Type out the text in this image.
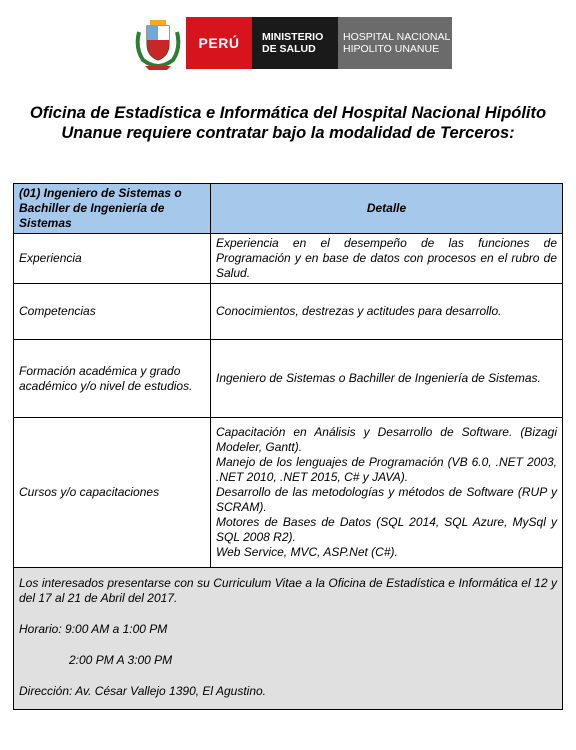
PERÚ MINISTERIO
DE SALUD
HOSPITAL NACIONAL
HIPOLITO UNANUE
Oficina de Estadística e Informática del Hospital Nacional Hipólito Unanue requiere contratar bajo la modalidad de Terceros:
(01) Ingeniero de Sistemas o Bachiller de Ingeniería de Sistemas	Detalle
Experiencia	Experiencia en el desempeño de las funciones de Programación y en base de datos con procesos en el rubro de Salud.

Competencias	Conocimientos, destrezas y actitudes para desarrollo.

Formación académica y grado académico y/o nivel de estudios.	Ingeniero de Sistemas o Bachiller de Ingeniería de Sistemas.

Cursos y/o capacitaciones	Capacitación en Análisis y Desarrollo de Software. (Bizagi Modeler, Gantt).
Manejo de los lenguajes de Programación (VB 6.0, .NET 2003, .NET 2010, .NET 2015, C# y JAVA).
Desarrollo de las metodologías y métodos de Software (RUP y SCRAM).
Motores de Bases de Datos (SQL 2014, SQL Azure, MySql y SQL 2008 R2).
Web Service, MVC, ASP.Net (C#).

Los interesados presentarse con su Curriculum Vitae a la Oficina de Estadística e Informática el 12 y del 17 al 21 de Abril del 2017.

Horario: 9:00 AM a 1:00 PM

2:00 PM A 3:00 PM

Dirección: Av. César Vallejo 1390, El Agustino.	
